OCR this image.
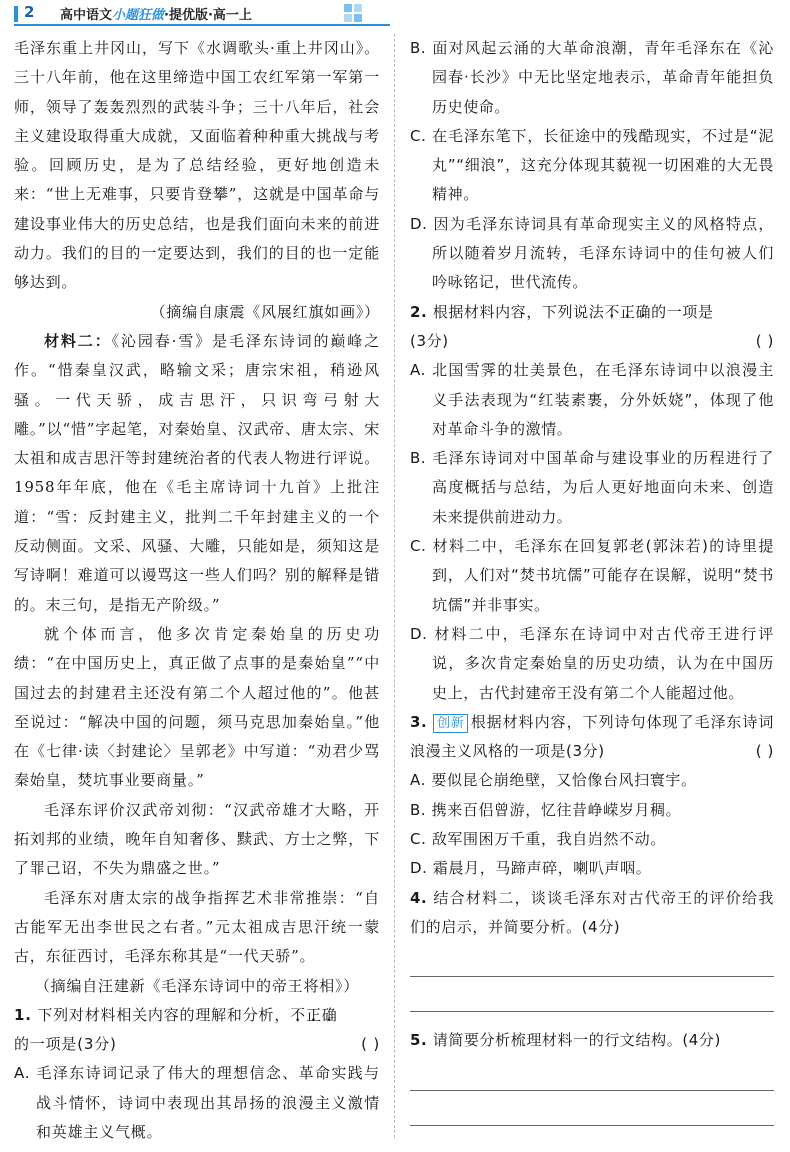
2 高中语文小题狂做·提优版·高一上

毛泽东重上井冈山，写下《水调歌头·重上井冈山》。三十八年前，他在这里缔造中国工农红军第一军第一师，领导了轰轰烈烈的武装斗争；三十八年后，社会主义建设取得重大成就，又面临着种种重大挑战与考验。回顾历史，是为了总结经验，更好地创造未来：“世上无难事，只要肯登攀”，这就是中国革命与建设事业伟大的历史总结，也是我们面向未来的前进动力。我们的目的一定要达到，我们的目的也一定能够达到。

（摘编自康震《风展红旗如画》）

材料二：《沁园春·雪》是毛泽东诗词的巅峰之作。“惜秦皇汉武，略输文采；唐宗宋祖，稍逊风骚。一代天骄，成吉思汗，只识弯弓射大雕。”以“惜”字起笔，对秦始皇、汉武帝、唐太宗、宋太祖和成吉思汗等封建统治者的代表人物进行评说。1958年年底，他在《毛主席诗词十九首》上批注道：“雪：反封建主义，批判二千年封建主义的一个反动侧面。文采、风骚、大雕，只能如是，须知这是写诗啊！难道可以谩骂这一些人们吗？别的解释是错的。末三句，是指无产阶级。”

就个体而言，他多次肯定秦始皇的历史功绩：“在中国历史上，真正做了点事的是秦始皇”“中国过去的封建君主还没有第二个人超过他的”。他甚至说过：“解决中国的问题，须马克思加秦始皇。”他在《七律·读〈封建论〉呈郭老》中写道：“劝君少骂秦始皇，焚坑事业要商量。”

毛泽东评价汉武帝刘彻：“汉武帝雄才大略，开拓刘邦的业绩，晚年自知奢侈、黩武、方士之弊，下了罪己诏，不失为鼎盛之世。”

毛泽东对唐太宗的战争指挥艺术非常推崇：“自古能军无出李世民之右者。”元太祖成吉思汗统一蒙古，东征西讨，毛泽东称其是“一代天骄”。

（摘编自汪建新《毛泽东诗词中的帝王将相》）

1. 下列对材料相关内容的理解和分析，不正确

的一项是(3分)	( )

A. 毛泽东诗词记录了伟大的理想信念、革命实践与战斗情怀，诗词中表现出其昂扬的浪漫主义激情和英雄主义气概。

B. 面对风起云涌的大革命浪潮，青年毛泽东在《沁园春·长沙》中无比坚定地表示，革命青年能担负历史使命。

C. 在毛泽东笔下，长征途中的残酷现实，不过是“泥丸”“细浪”，这充分体现其藐视一切困难的大无畏精神。

D. 因为毛泽东诗词具有革命现实主义的风格特点，所以随着岁月流转，毛泽东诗词中的佳句被人们吟咏铭记，世代流传。

2. 根据材料内容，下列说法不正确的一项是

(3分)	( )

A. 北国雪霁的壮美景色，在毛泽东诗词中以浪漫主义手法表现为“红装素裹，分外妖娆”，体现了他对革命斗争的激情。

B. 毛泽东诗词对中国革命与建设事业的历程进行了高度概括与总结，为后人更好地面向未来、创造未来提供前进动力。

C. 材料二中，毛泽东在回复郭老(郭沫若)的诗里提到，人们对“焚书坑儒”可能存在误解，说明“焚书坑儒”并非事实。

D. 材料二中，毛泽东在诗词中对古代帝王进行评说，多次肯定秦始皇的历史功绩，认为在中国历史上，古代封建帝王没有第二个人能超过他。

3. 创新 根据材料内容，下列诗句体现了毛泽东诗词浪漫主义风格的一项是(3分)	( )

A. 要似昆仑崩绝壁，又恰像台风扫寰宇。

B. 携来百侣曾游，忆往昔峥嵘岁月稠。

C. 敌军围困万千重，我自岿然不动。

D. 霜晨月，马蹄声碎，喇叭声咽。

4. 结合材料二，谈谈毛泽东对古代帝王的评价给我们的启示，并简要分析。(4分)

5. 请简要分析梳理材料一的行文结构。(4分)
